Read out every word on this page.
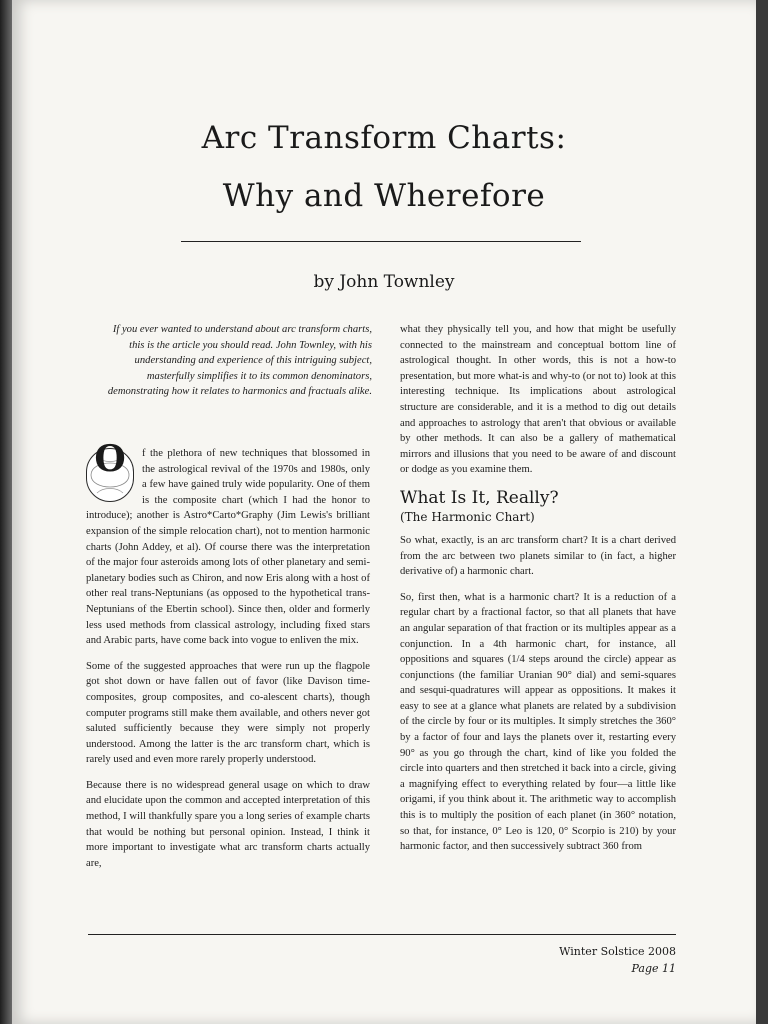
Arc Transform Charts:
Why and Wherefore
by John Townley
If you ever wanted to understand about arc transform charts, this is the article you should read. John Townley, with his understanding and experience of this intriguing subject, masterfully simplifies it to its common denominators, demonstrating how it relates to harmonics and fractuals alike.
O	f the plethora of new techniques that blossomed in the astrological revival of the 1970s and 1980s, only a few have gained truly wide popularity. One of them is the composite chart (which I had the honor to introduce); another is Astro*Carto*Graphy (Jim Lewis's brilliant expansion of the simple relocation chart), not to mention harmonic charts (John Addey, et al). Of course there was the interpretation of the major four asteroids among lots of other planetary and semi-planetary bodies such as Chiron, and now Eris along with a host of other real trans-Neptunians (as opposed to the hypothetical trans-Neptunians of the Ebertin school). Since then, older and formerly less used methods from classical astrology, including fixed stars and Arabic parts, have come back into vogue to enliven the mix.

Some of the suggested approaches that were run up the flagpole got shot down or have fallen out of favor (like Davison time-composites, group composites, and co-alescent charts), though computer programs still make them available, and others never got saluted sufficiently because they were simply not properly understood. Among the latter is the arc transform chart, which is rarely used and even more rarely properly understood.

Because there is no widespread general usage on which to draw and elucidate upon the common and accepted interpretation of this method, I will thankfully spare you a long series of example charts that would be nothing but personal opinion. Instead, I think it more important to investigate what arc transform charts actually are,

what they physically tell you, and how that might be usefully connected to the mainstream and conceptual bottom line of astrological thought. In other words, this is not a how-to presentation, but more what-is and why-to (or not to) look at this interesting technique. Its implications about astrological structure are considerable, and it is a method to dig out details and approaches to astrology that aren't that obvious or available by other methods. It can also be a gallery of mathematical mirrors and illusions that you need to be aware of and discount or dodge as you examine them.

What Is It, Really?
(The Harmonic Chart)

So what, exactly, is an arc transform chart? It is a chart derived from the arc between two planets similar to (in fact, a higher derivative of) a harmonic chart.

So, first then, what is a harmonic chart? It is a reduction of a regular chart by a fractional factor, so that all planets that have an angular separation of that fraction or its multiples appear as a conjunction. In a 4th harmonic chart, for instance, all oppositions and squares (1/4 steps around the circle) appear as conjunctions (the familiar Uranian 90° dial) and semi-squares and sesqui-quadratures will appear as oppositions. It makes it easy to see at a glance what planets are related by a subdivision of the circle by four or its multiples. It simply stretches the 360° by a factor of four and lays the planets over it, restarting every 90° as you go through the chart, kind of like you folded the circle into quarters and then stretched it back into a circle, giving a magnifying effect to everything related by four—a little like origami, if you think about it. The arithmetic way to accomplish this is to multiply the position of each planet (in 360° notation, so that, for instance, 0° Leo is 120, 0° Scorpio is 210) by your harmonic factor, and then successively subtract 360 from

Winter Solstice 2008
Page 11
